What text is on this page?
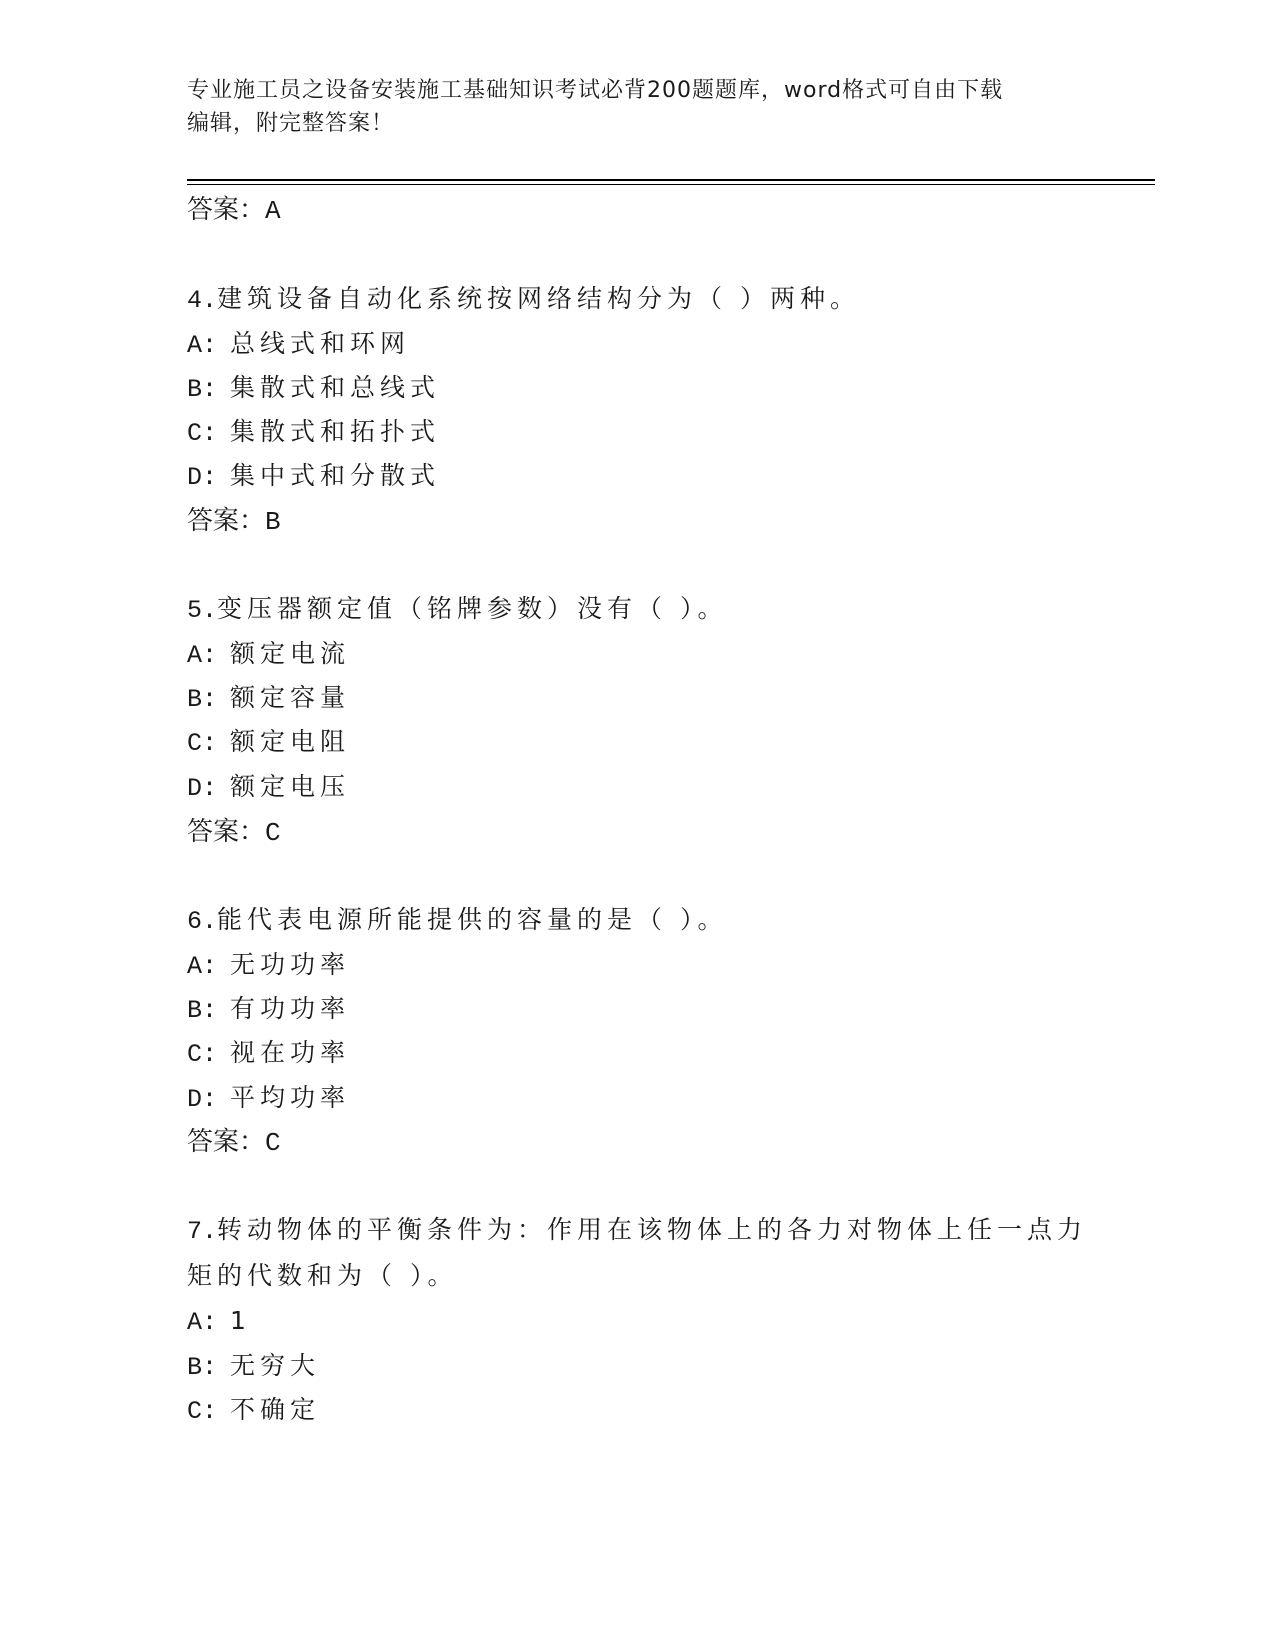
专业施工员之设备安装施工基础知识考试必背200题题库，word格式可自由下载
编辑，附完整答案！
答案：A
4.建筑设备自动化系统按网络结构分为（ ）两种。
A: 总线式和环网
B: 集散式和总线式
C: 集散式和拓扑式
D: 集中式和分散式
答案：B
5.变压器额定值（铭牌参数）没有（ ）。
A: 额定电流
B: 额定容量
C: 额定电阻
D: 额定电压
答案：C
6.能代表电源所能提供的容量的是（ ）。
A: 无功功率
B: 有功功率
C: 视在功率
D: 平均功率
答案：C
7.转动物体的平衡条件为：作用在该物体上的各力对物体上任一点力
矩的代数和为（ ）。
A: 1
B: 无穷大
C: 不确定
